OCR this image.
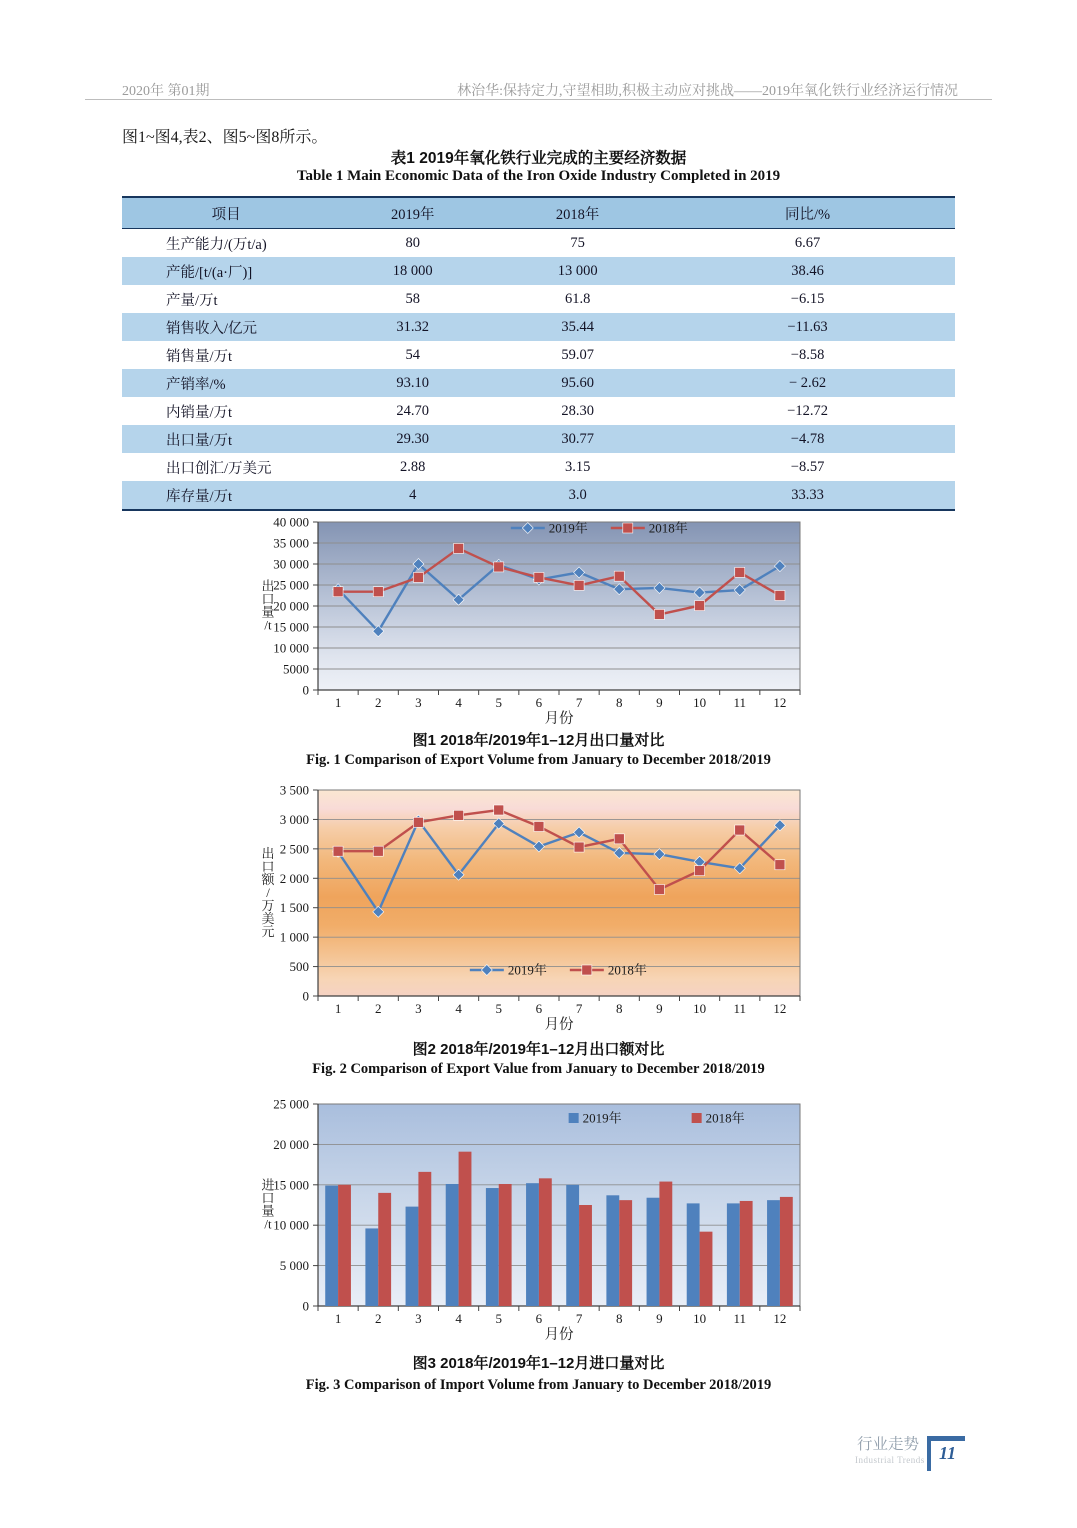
2020年 第01期	林治华:保持定力,守望相助,积极主动应对挑战——2019年氧化铁行业经济运行情况
图1~图4,表2、图5~图8所示。
表1 2019年氧化铁行业完成的主要经济数据
Table 1 Main Economic Data of the Iron Oxide Industry Completed in 2019
项目	2019年	2018年	同比/%
生产能力/(万t/a)	80	75	6.67
产能/[t/(a·厂)]	18 000	13 000	38.46
产量/万t	58	61.8	−6.15
销售收入/亿元	31.32	35.44	−11.63
销售量/万t	54	59.07	−8.58
产销率/%	93.10	95.60	− 2.62
内销量/万t	24.70	28.30	−12.72
出口量/万t	29.30	30.77	−4.78
出口创汇/万美元	2.88	3.15	−8.57
库存量/万t	4	3.0	33.33
0
5000
10 000
15 000
20 000
25 000
30 000
35 000
40 000
1	2	3	4	5	6	7	8	9 10 11 12
月份
出
口
量
/t
2019年	2018年
图1 2018年/2019年1–12月出口量对比
Fig. 1 Comparison of Export Volume from January to December 2018/2019
0
500
1 000
1 500
2 000
2 500
3 000
3 500
1	2	3	4	5	6	7	8	9 10 11 12
月份
出
口
额
/
万
美
元
2019年	2018年
图2 2018年/2019年1–12月出口额对比
Fig. 2 Comparison of Export Value from January to December 2018/2019
0
5 000
10 000
15 000
20 000
25 000
1	2	3	4	5	6	7	8	9 10 11 12
月份
进
口
量
/t
2019年	2018年
图3 2018年/2019年1–12月进口量对比
Fig. 3 Comparison of Import Volume from January to December 2018/2019
行业走势
Industrial Trends 11
